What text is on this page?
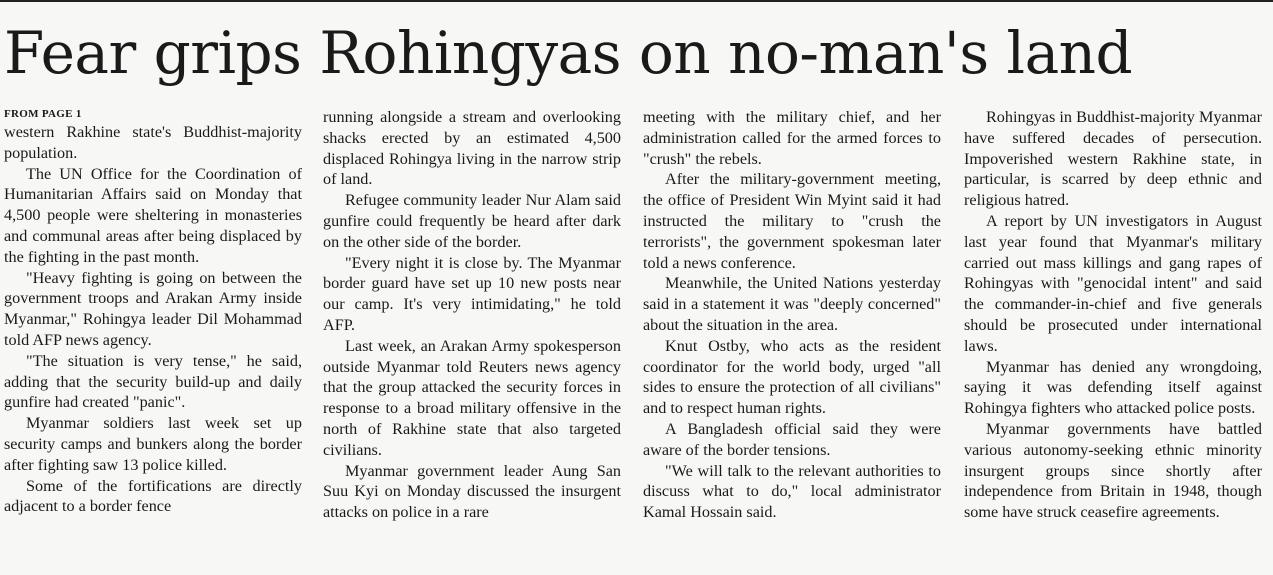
Fear grips Rohingyas on no-man's land
FROM PAGE 1

western Rakhine state's Buddhist-majority population.

The UN Office for the Coordination of Humanitarian Affairs said on Monday that 4,500 people were sheltering in monasteries and communal areas after being displaced by the fighting in the past month.

"Heavy fighting is going on between the government troops and Arakan Army inside Myanmar," Rohingya leader Dil Mohammad told AFP news agency.

"The situation is very tense," he said, adding that the security build-up and daily gunfire had created "panic".

Myanmar soldiers last week set up security camps and bunkers along the border after fighting saw 13 police killed.

Some of the fortifications are directly adjacent to a border fence

running alongside a stream and overlooking shacks erected by an estimated 4,500 displaced Rohingya living in the narrow strip of land.

Refugee community leader Nur Alam said gunfire could frequently be heard after dark on the other side of the border.

"Every night it is close by. The Myanmar border guard have set up 10 new posts near our camp. It's very intimidating," he told AFP.

Last week, an Arakan Army spokesperson outside Myanmar told Reuters news agency that the group attacked the security forces in response to a broad military offensive in the north of Rakhine state that also targeted civilians.

Myanmar government leader Aung San Suu Kyi on Monday discussed the insurgent attacks on police in a rare

meeting with the military chief, and her administration called for the armed forces to "crush" the rebels.

After the military-government meeting, the office of President Win Myint said it had instructed the military to "crush the terrorists", the government spokesman later told a news conference.

Meanwhile, the United Nations yesterday said in a statement it was "deeply concerned" about the situation in the area.

Knut Ostby, who acts as the resident coordinator for the world body, urged "all sides to ensure the protection of all civilians" and to respect human rights.

A Bangladesh official said they were aware of the border tensions.

"We will talk to the relevant authorities to discuss what to do," local administrator Kamal Hossain said.

Rohingyas in Buddhist-majority Myanmar have suffered decades of persecution. Impoverished western Rakhine state, in particular, is scarred by deep ethnic and religious hatred.

A report by UN investigators in August last year found that Myanmar's military carried out mass killings and gang rapes of Rohingyas with "genocidal intent" and said the commander-in-chief and five generals should be prosecuted under international laws.

Myanmar has denied any wrongdoing, saying it was defending itself against Rohingya fighters who attacked police posts.

Myanmar governments have battled various autonomy-seeking ethnic minority insurgent groups since shortly after independence from Britain in 1948, though some have struck ceasefire agreements.
